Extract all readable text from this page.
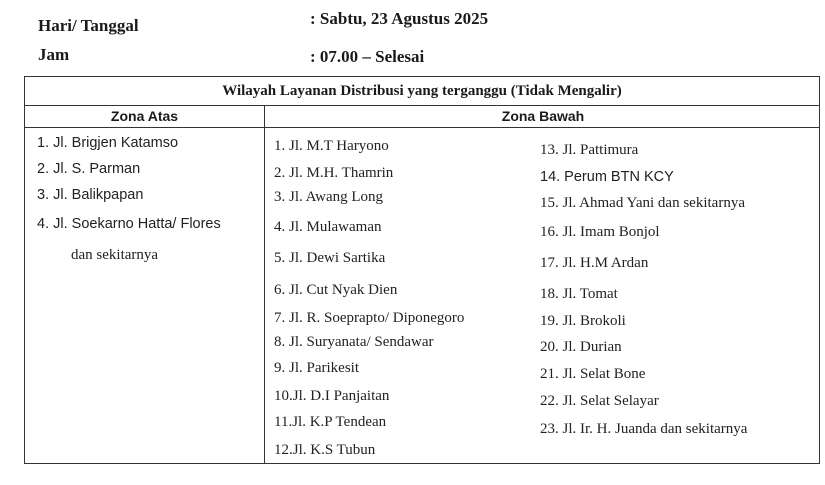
Hari/ Tanggal	: Sabtu, 23 Agustus 2025
Jam	: 07.00 – Selesai
Wilayah Layanan Distribusi yang terganggu (Tidak Mengalir)
Zona Atas	Zona Bawah
1. Jl. Brigjen Katamso
2. Jl. S. Parman
3. Jl. Balikpapan
4. Jl. Soekarno Hatta/ Flores
dan sekitarnya
1. Jl. M.T Haryono
2. Jl. M.H. Thamrin
3. Jl. Awang Long
4. Jl. Mulawaman
5. Jl. Dewi Sartika
6. Jl. Cut Nyak Dien
7. Jl. R. Soeprapto/ Diponegoro
8. Jl. Suryanata/ Sendawar
9. Jl. Parikesit
10.Jl. D.I Panjaitan
11.Jl. K.P Tendean
12.Jl. K.S Tubun
13. Jl. Pattimura
14. Perum BTN KCY
15. Jl. Ahmad Yani dan sekitarnya
16. Jl. Imam Bonjol
17. Jl. H.M Ardan
18. Jl. Tomat
19. Jl. Brokoli
20. Jl. Durian
21. Jl. Selat Bone
22. Jl. Selat Selayar
23. Jl. Ir. H. Juanda dan sekitarnya
